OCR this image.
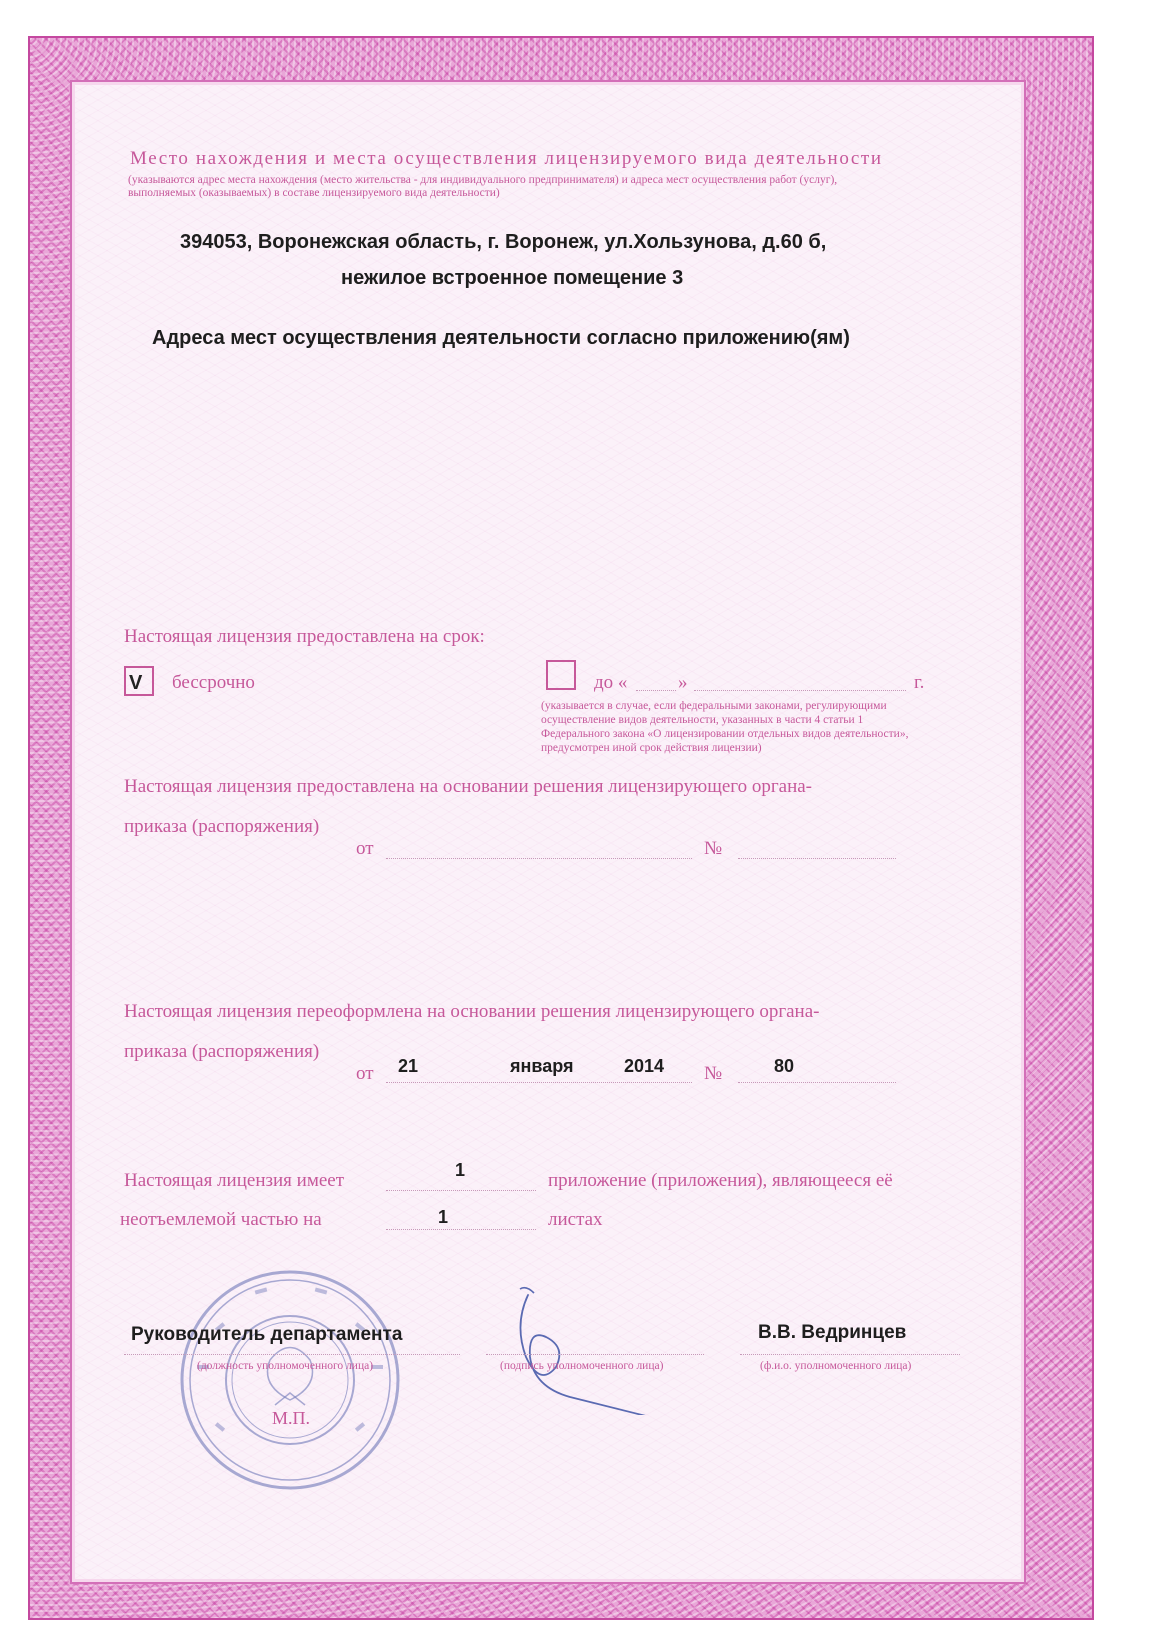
Место нахождения и места осуществления лицензируемого вида деятельности
(указываются адрес места нахождения (место жительства - для индивидуального предпринимателя) и адреса мест осуществления работ (услуг),
выполняемых (оказываемых) в составе лицензируемого вида деятельности)
394053, Воронежская область, г. Воронеж, ул.Хользунова, д.60 б,
нежилое встроенное помещение 3
Адреса мест осуществления деятельности согласно приложению(ям)
Настоящая лицензия предоставлена на срок:
V	бессрочно	до «	»	г.
(указывается в случае, если федеральными законами, регулирующими
осуществление видов деятельности, указанных в части 4 статьи 1
Федерального закона «О лицензировании отдельных видов деятельности»,
предусмотрен иной срок действия лицензии)
Настоящая лицензия предоставлена на основании решения лицензирующего органа-
приказа (распоряжения)
от	№
Настоящая лицензия переоформлена на основании решения лицензирующего органа-
приказа (распоряжения)
от 21	января	2014 №	80
Настоящая лицензия имеет	1	приложение (приложения), являющееся её
неотъемлемой частью на	1	листах
Руководитель департамента
(должность уполномоченного лица)	(подпись уполномоченного лица)
В.В. Ведринцев
(ф.и.о. уполномоченного лица)
М.П.
